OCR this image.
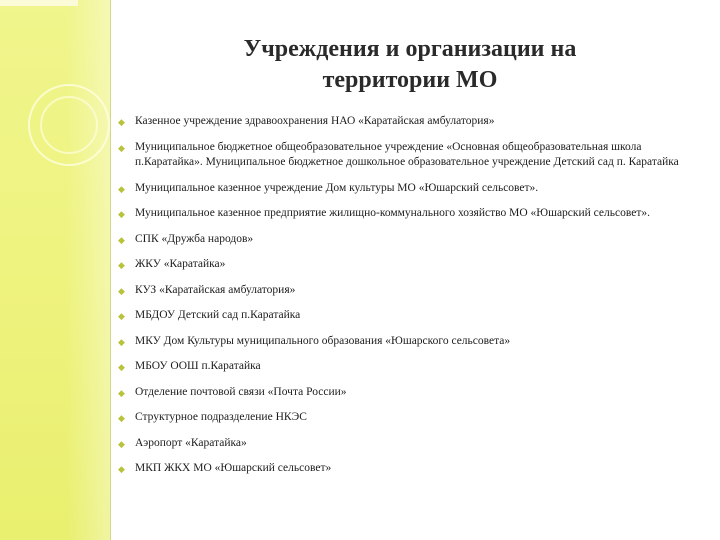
Учреждения и организации на
территории МО
◆ Казенное учреждение здравоохранения НАО «Каратайская амбулатория»
◆ Муниципальное бюджетное общеобразовательное учреждение «Основная общеобразовательная школа п.Каратайка». Муниципальное бюджетное дошкольное образовательное учреждение Детский сад п. Каратайка
◆ Муниципальное казенное учреждение Дом культуры МО «Юшарский сельсовет».
◆ Муниципальное казенное предприятие жилищно-коммунального хозяйство МО «Юшарский сельсовет».
◆ СПК «Дружба народов»
◆ ЖКУ «Каратайка»
◆ КУЗ «Каратайская амбулатория»
◆ МБДОУ Детский сад п.Каратайка
◆ МКУ Дом Культуры муниципального образования «Юшарского сельсовета»
◆ МБОУ ООШ п.Каратайка
◆ Отделение почтовой связи «Почта России»
◆ Структурное подразделение НКЭС
◆ Аэропорт «Каратайка»
◆ МКП ЖКХ МО «Юшарский сельсовет»
